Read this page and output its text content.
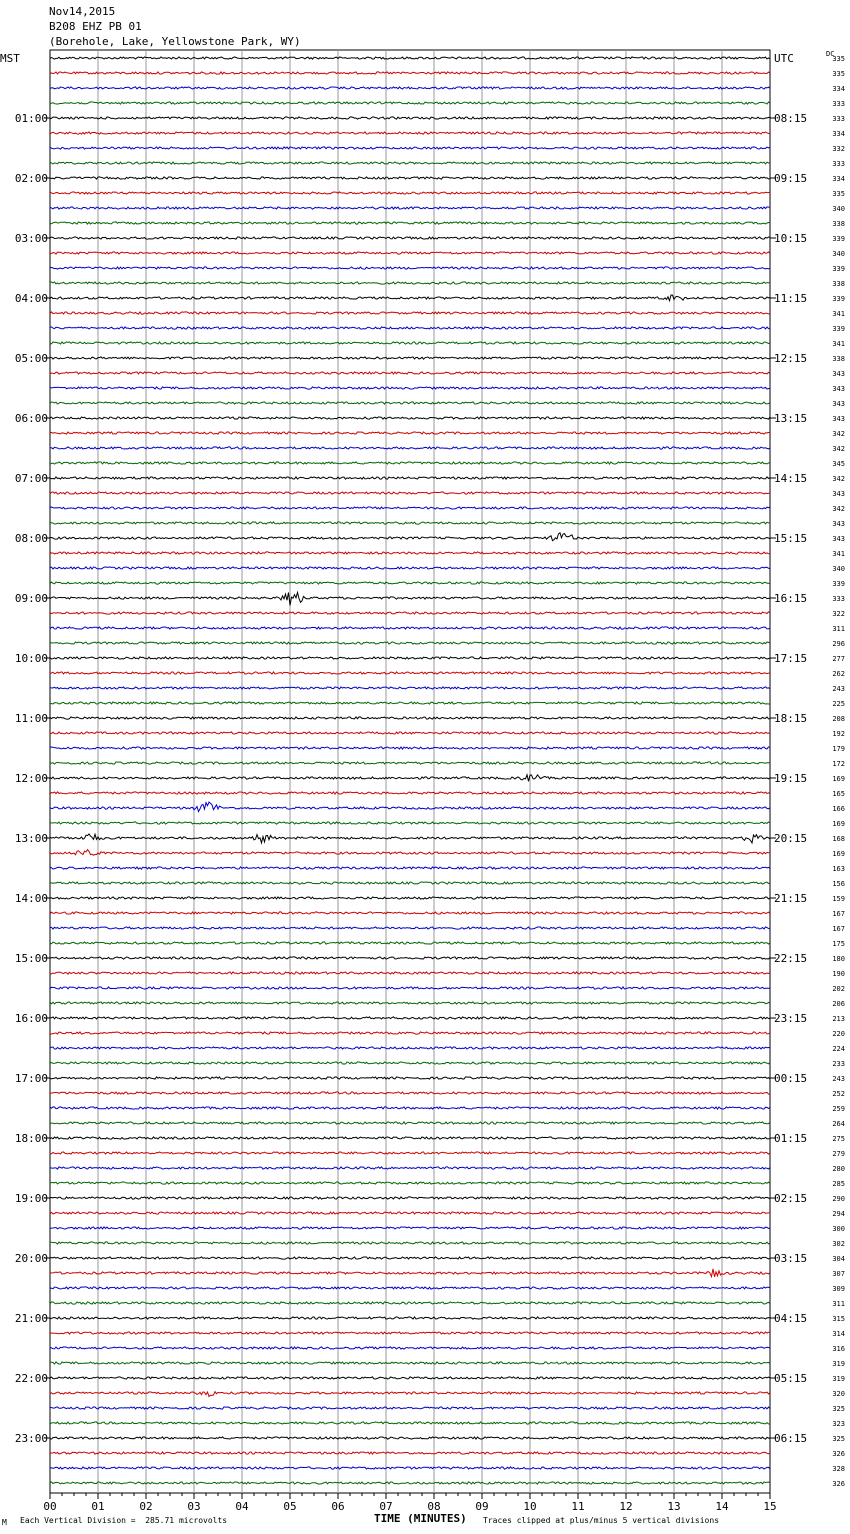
Nov14,2015
B208 EHZ PB 01
(Borehole, Lake, Yellowstone Park, WY)
00	01	02	03	04	05	06	07	08	09	10	11	12	13	14	15
335
MST	UTC
335
334
333
333
01:00	08:15
334
332
333
334
02:00	09:15
335
340
338
339
03:00	10:15
340
339
338
339
04:00	11:15
341
339
341
338
05:00	12:15
343
343
343
343
06:00	13:15
342
342
345
342
07:00	14:15
343
342
343
343
08:00	15:15
341
340
339
333
09:00	16:15
322
311
296
277
10:00	17:15
262
243
225
208
11:00	18:15
192
179
172
169
12:00	19:15
165
166
169
168
13:00	20:15
169
163
156
159
14:00	21:15
167
167
175
180
15:00	22:15
190
202
206
213
16:00	23:15
220
224
233
243
17:00	00:15
252
259
264
275
18:00	01:15
279
280
285
290
19:00	02:15
294
300
302
304
20:00	03:15
307
309
311
315
21:00	04:15
314
316
319
319
22:00	05:15
320
325
323
325
23:00	06:15
326
328
326
DC
M Each Vertical Division =  285.71 microvolts	TIME (MINUTES) Traces clipped at plus/minus 5 vertical divisions
